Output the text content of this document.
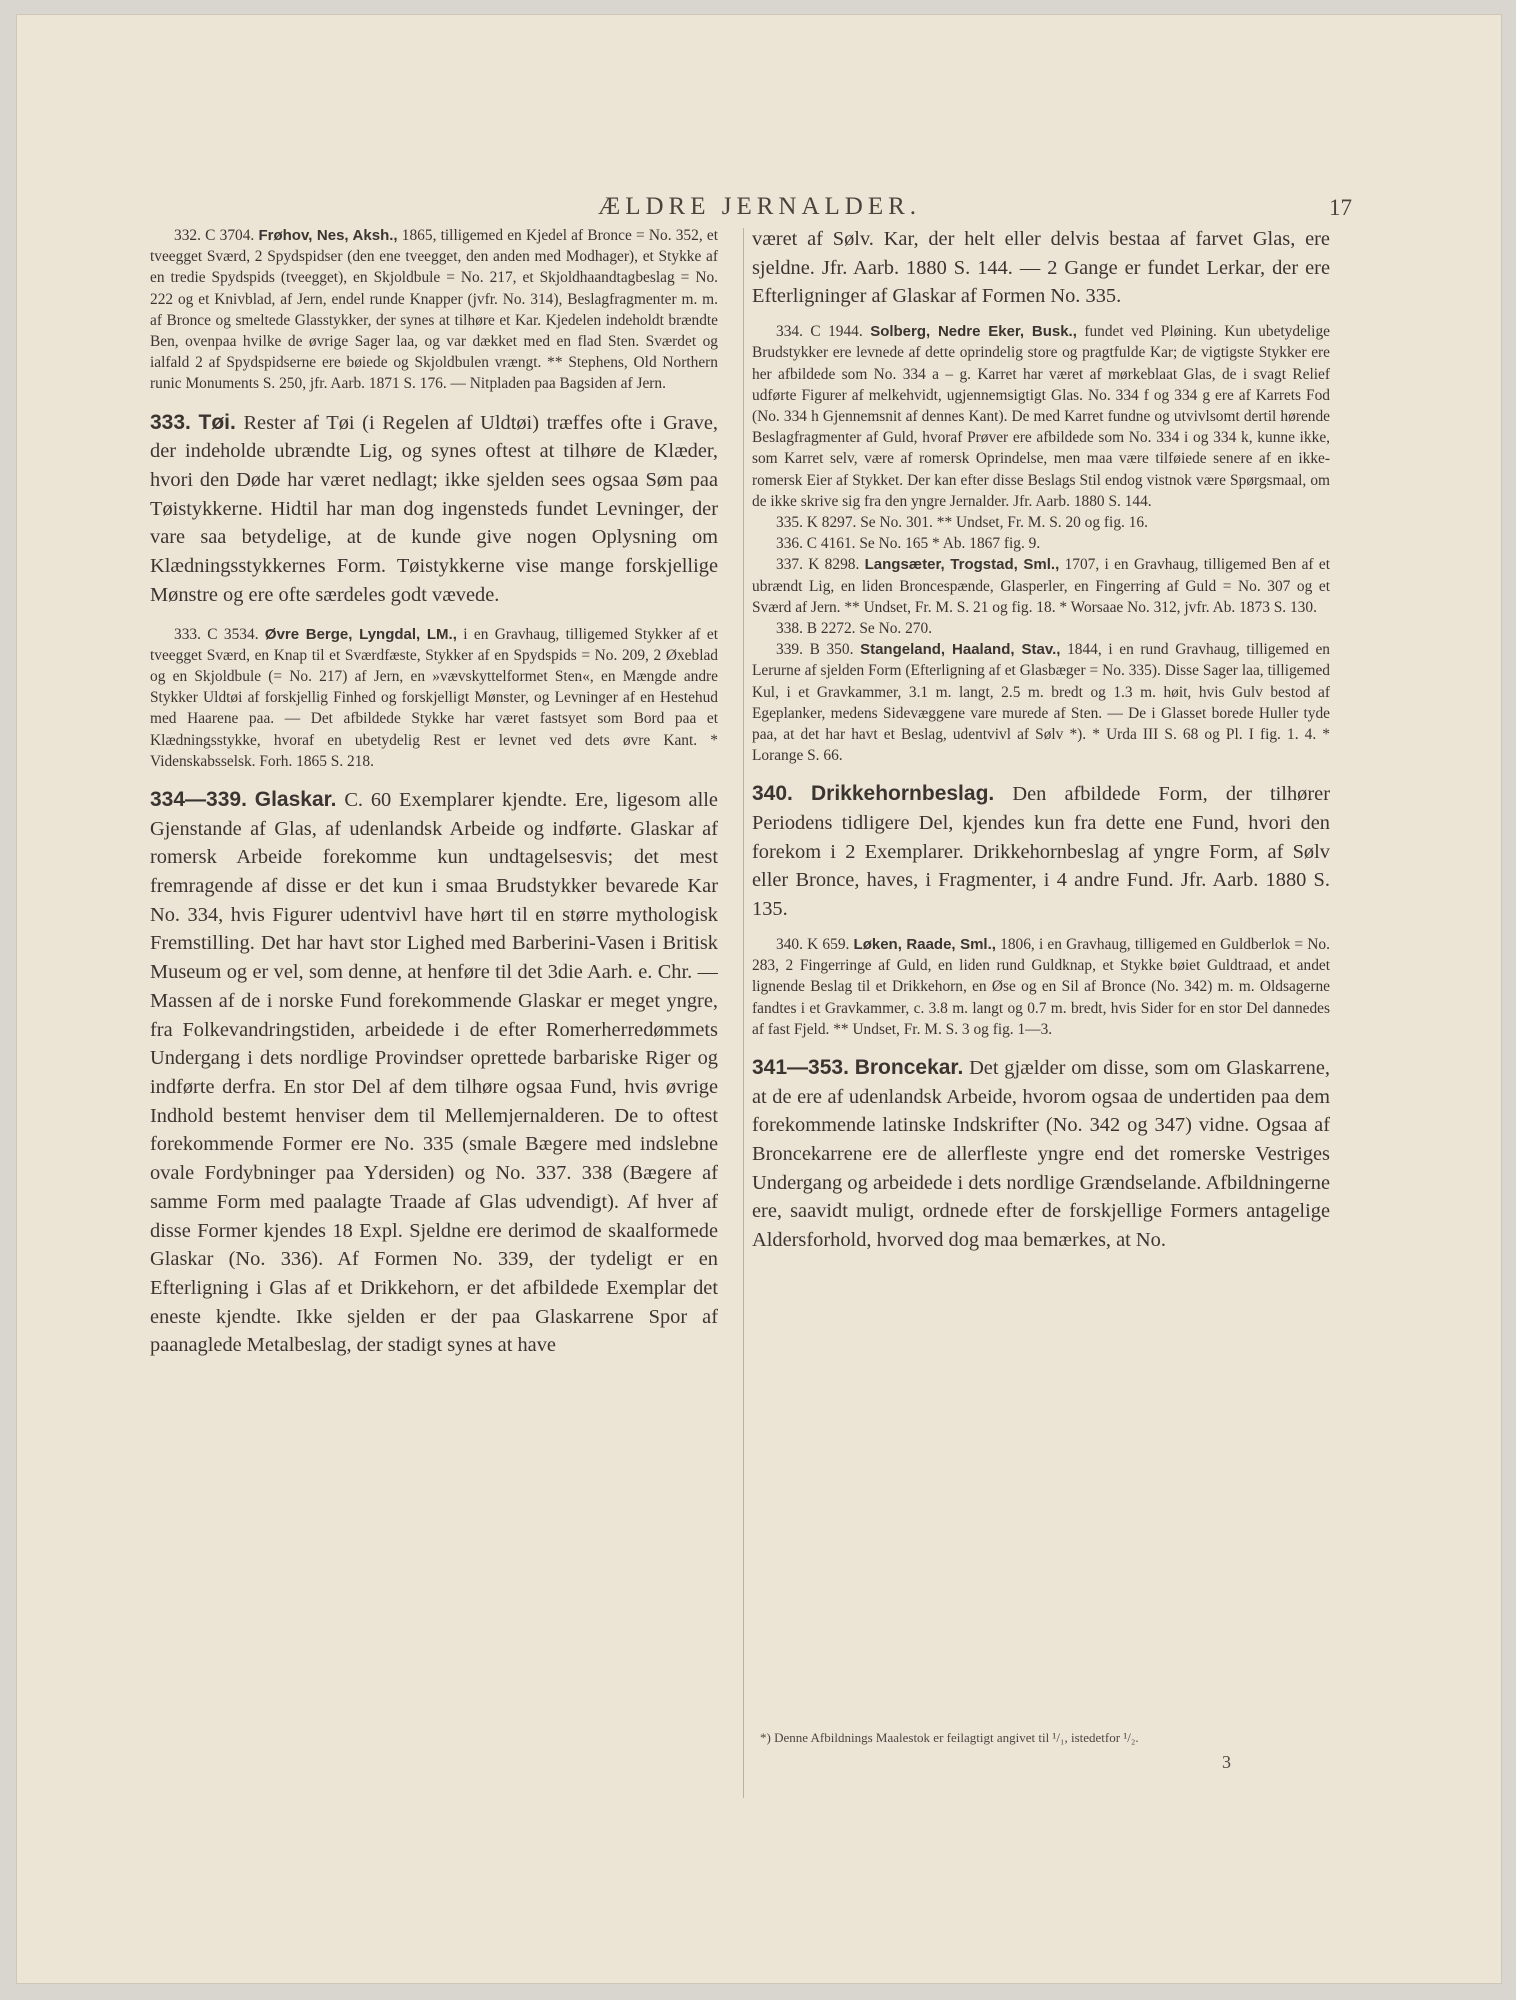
ÆLDRE JERNALDER.	17

332. C 3704. Frøhov, Nes, Aksh., 1865, tilligemed en Kjedel af Bronce = No. 352, et tveegget Sværd, 2 Spydspidser (den ene tveegget, den anden med Modhager), et Stykke af en tredie Spydspids (tveegget), en Skjoldbule = No. 217, et Skjoldhaandtagbeslag = No. 222 og et Knivblad, af Jern, endel runde Knapper (jvfr. No. 314), Beslagfragmenter m. m. af Bronce og smeltede Glasstykker, der synes at tilhøre et Kar. Kjedelen indeholdt brændte Ben, ovenpaa hvilke de øvrige Sager laa, og var dækket med en flad Sten. Sværdet og ialfald 2 af Spydspidserne ere bøiede og Skjoldbulen vrængt. ** Stephens, Old Northern runic Monuments S. 250, jfr. Aarb. 1871 S. 176. — Nitpladen paa Bagsiden af Jern.

333. Tøi. Rester af Tøi (i Regelen af Uldtøi) træffes ofte i Grave, der indeholde ubrændte Lig, og synes oftest at tilhøre de Klæder, hvori den Døde har været nedlagt; ikke sjelden sees ogsaa Søm paa Tøistykkerne. Hidtil har man dog ingensteds fundet Levninger, der vare saa betydelige, at de kunde give nogen Oplysning om Klædningsstykkernes Form. Tøistykkerne vise mange forskjellige Mønstre og ere ofte særdeles godt vævede.

333. C 3534. Øvre Berge, Lyngdal, LM., i en Gravhaug, tilligemed Stykker af et tveegget Sværd, en Knap til et Sværdfæste, Stykker af en Spydspids = No. 209, 2 Øxeblad og en Skjoldbule (= No. 217) af Jern, en »vævskyttelformet Sten«, en Mængde andre Stykker Uldtøi af forskjellig Finhed og forskjelligt Mønster, og Levninger af en Hestehud med Haarene paa. — Det afbildede Stykke har været fastsyet som Bord paa et Klædningsstykke, hvoraf en ubetydelig Rest er levnet ved dets øvre Kant. * Videnskabsselsk. Forh. 1865 S. 218.

334—339. Glaskar. C. 60 Exemplarer kjendte. Ere, ligesom alle Gjenstande af Glas, af udenlandsk Arbeide og indførte. Glaskar af romersk Arbeide forekomme kun undtagelsesvis; det mest fremragende af disse er det kun i smaa Brudstykker bevarede Kar No. 334, hvis Figurer udentvivl have hørt til en større mythologisk Fremstilling. Det har havt stor Lighed med Barberini-Vasen i Britisk Museum og er vel, som denne, at henføre til det 3die Aarh. e. Chr. — Massen af de i norske Fund forekommende Glaskar er meget yngre, fra Folkevandringstiden, arbeidede i de efter Romerherredømmets Undergang i dets nordlige Provindser oprettede barbariske Riger og indførte derfra. En stor Del af dem tilhøre ogsaa Fund, hvis øvrige Indhold bestemt henviser dem til Mellemjernalderen. De to oftest forekommende Former ere No. 335 (smale Bægere med indslebne ovale Fordybninger paa Ydersiden) og No. 337. 338 (Bægere af samme Form med paalagte Traade af Glas udvendigt). Af hver af disse Former kjendes 18 Expl. Sjeldne ere derimod de skaalformede Glaskar (No. 336). Af Formen No. 339, der tydeligt er en Efterligning i Glas af et Drikkehorn, er det afbildede Exemplar det eneste kjendte. Ikke sjelden er der paa Glaskarrene Spor af paanaglede Metalbeslag, der stadigt synes at have

været af Sølv. Kar, der helt eller delvis bestaa af farvet Glas, ere sjeldne. Jfr. Aarb. 1880 S. 144. — 2 Gange er fundet Lerkar, der ere Efterligninger af Glaskar af Formen No. 335.

334. C 1944. Solberg, Nedre Eker, Busk., fundet ved Pløining. Kun ubetydelige Brudstykker ere levnede af dette oprindelig store og pragtfulde Kar; de vigtigste Stykker ere her afbildede som No. 334 a – g. Karret har været af mørkeblaat Glas, de i svagt Relief udførte Figurer af melkehvidt, ugjennemsigtigt Glas. No. 334 f og 334 g ere af Karrets Fod (No. 334 h Gjennemsnit af dennes Kant). De med Karret fundne og utvivlsomt dertil hørende Beslagfragmenter af Guld, hvoraf Prøver ere afbildede som No. 334 i og 334 k, kunne ikke, som Karret selv, være af romersk Oprindelse, men maa være tilføiede senere af en ikke-romersk Eier af Stykket. Der kan efter disse Beslags Stil endog vistnok være Spørgsmaal, om de ikke skrive sig fra den yngre Jernalder. Jfr. Aarb. 1880 S. 144.

335. K 8297. Se No. 301. ** Undset, Fr. M. S. 20 og fig. 16.

336. C 4161. Se No. 165 * Ab. 1867 fig. 9.

337. K 8298. Langsæter, Trogstad, Sml., 1707, i en Gravhaug, tilligemed Ben af et ubrændt Lig, en liden Broncespænde, Glasperler, en Fingerring af Guld = No. 307 og et Sværd af Jern. ** Undset, Fr. M. S. 21 og fig. 18. * Worsaae No. 312, jvfr. Ab. 1873 S. 130.

338. B 2272. Se No. 270.

339. B 350. Stangeland, Haaland, Stav., 1844, i en rund Gravhaug, tilligemed en Lerurne af sjelden Form (Efterligning af et Glasbæger = No. 335). Disse Sager laa, tilligemed Kul, i et Gravkammer, 3.1 m. langt, 2.5 m. bredt og 1.3 m. høit, hvis Gulv bestod af Egeplanker, medens Sidevæggene vare murede af Sten. — De i Glasset borede Huller tyde paa, at det har havt et Beslag, udentvivl af Sølv *). * Urda III S. 68 og Pl. I fig. 1. 4. * Lorange S. 66.

340. Drikkehornbeslag. Den afbildede Form, der tilhører Periodens tidligere Del, kjendes kun fra dette ene Fund, hvori den forekom i 2 Exemplarer. Drikkehornbeslag af yngre Form, af Sølv eller Bronce, haves, i Fragmenter, i 4 andre Fund. Jfr. Aarb. 1880 S. 135.

340. K 659. Løken, Raade, Sml., 1806, i en Gravhaug, tilligemed en Guldberlok = No. 283, 2 Fingerringe af Guld, en liden rund Guldknap, et Stykke bøiet Guldtraad, et andet lignende Beslag til et Drikkehorn, en Øse og en Sil af Bronce (No. 342) m. m. Oldsagerne fandtes i et Gravkammer, c. 3.8 m. langt og 0.7 m. bredt, hvis Sider for en stor Del dannedes af fast Fjeld. ** Undset, Fr. M. S. 3 og fig. 1—3.

341—353. Broncekar. Det gjælder om disse, som om Glaskarrene, at de ere af udenlandsk Arbeide, hvorom ogsaa de undertiden paa dem forekommende latinske Indskrifter (No. 342 og 347) vidne. Ogsaa af Broncekarrene ere de allerfleste yngre end det romerske Vestriges Undergang og arbeidede i dets nordlige Grændselande. Afbildningerne ere, saavidt muligt, ordnede efter de forskjellige Formers antagelige Aldersforhold, hvorved dog maa bemærkes, at No.

*) Denne Afbildnings Maalestok er feilagtigt angivet til ¹/₁, istedetfor ¹/₂.
3
